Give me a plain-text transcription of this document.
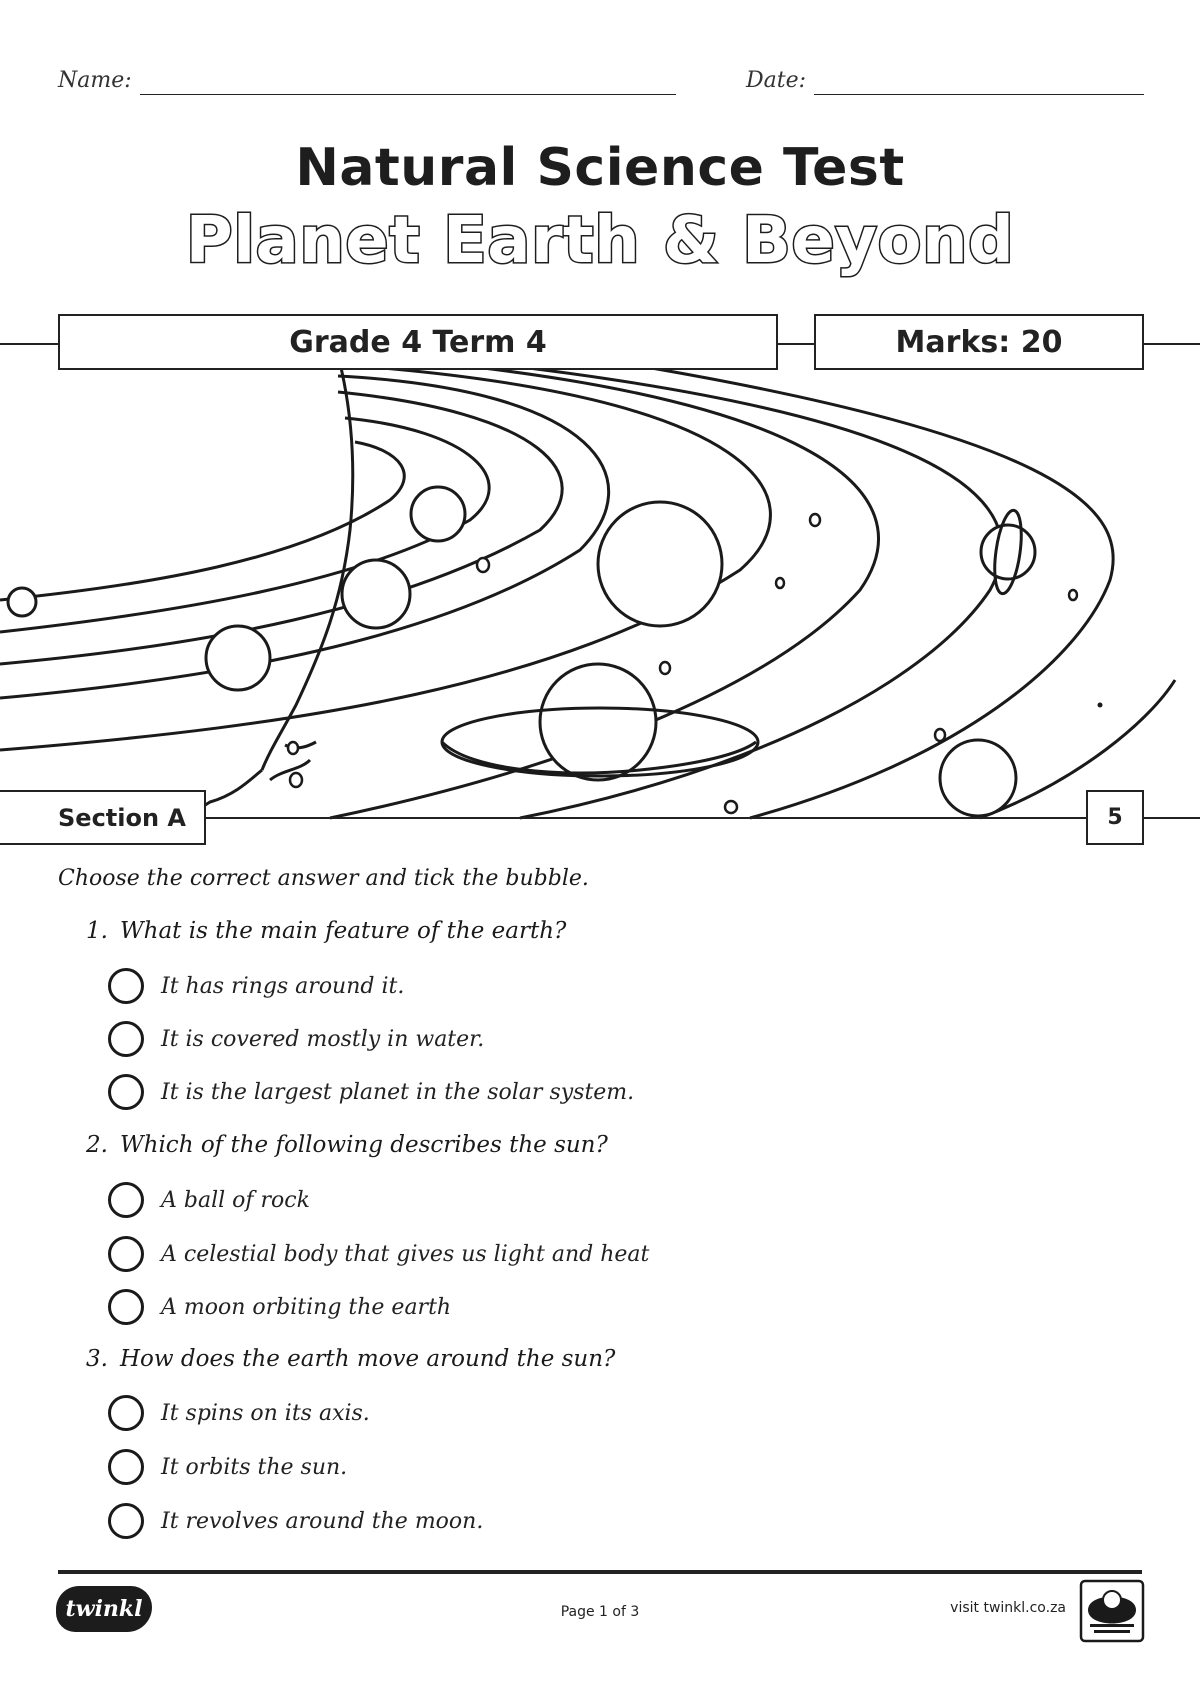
Name:	Date:
Natural Science Test
Planet Earth & Beyond
Grade 4 Term 4	Marks: 20
Section A	5
Choose the correct answer and tick the bubble.
1. What is the main feature of the earth?
It has rings around it.
It is covered mostly in water.
It is the largest planet in the solar system.
2. Which of the following describes the sun?
A ball of rock
A celestial body that gives us light and heat
A moon orbiting the earth
3. How does the earth move around the sun?
It spins on its axis.
It orbits the sun.
It revolves around the moon.
twinkl	Page 1 of 3	visit twinkl.co.za
